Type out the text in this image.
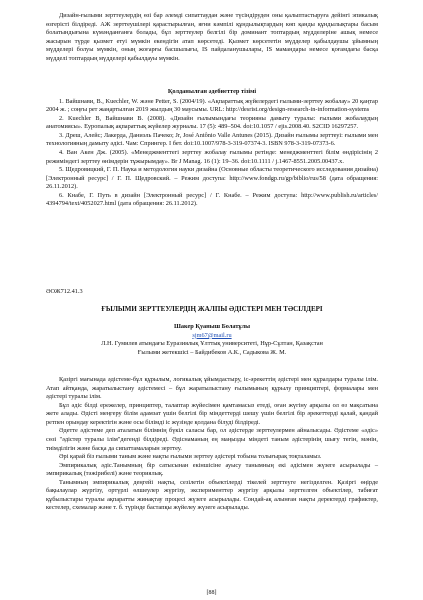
Дизайн-ғылыми зерттеулердің өзі бар әлемді сипаттаудан және түсіндіруден оны қалыптастыруға дейінгі эпикалық өзгерісті білдіреді. АЖ зерттеушілері қарастырылған, яғни кәмпілі құндылықтардың көп қанды құндылықтары басым болатындығына күмәнданғанға болады, бұл зерттеулер белгілі бір доминант топтардың мүдделеріне ашық немесе жасырын түрде қызмет етуі мүмкін екендігін атап көрсетеді. Қызмет көрсететін мүдделер қабылдаушы ұйымның мүдделері болуы мүмкін, оның жоғарғы басшылығы, IS пайдаланушылары, IS мамандары немесе қоғамдағы басқа мүдделі топтардың мүдделері қабылдауы мүмкін.

Қолданылған әдебиеттер тізімі

1. Вайшнави, В., Kuechler, W. және Petter, S. (2004/19). «Ақпараттық жүйелердегі ғылыми-зерттеу жобалау» 20 қаңтар 2004 ж. ; соңғы рет жаңартылған 2019 жылдың 30 маусымы. URL: http://desrist.org/design-research-in-information-systems

2. Kuechler B, Вайшнави В. (2008). «Дизайн ғылымындағы теорияны дамыту туралы: ғылыми жобалаудың анатомиясы». Еуропалық ақпараттық жүйелер журналы. 17 (5): 489–504. doi:10.1057 / ejis.2008.40. S2CID 16297257.

3. Дреш, Алейс; Лакерда, Даниэль Пачеко; Jr, José Antônio Valle Antunes (2015). Дизайн ғылымы зерттеуі: ғылыми мен технологияның дамыту әдісі. Чам: Спрингер. I бет. doi:10.1007/978-3-319-07374-3. ISBN 978-3-319-07373-6.

4. Ван Акен Дж. (2005). «Менеджменттегі зерттеу жобалау ғылымы ретінде: менеджменттегі білім өндірісінің 2 режиміндегі зерттеу өнімдерін тұжырымдау». Br J Manag. 16 (1): 19–36. doi:10.1111 / j.1467-8551.2005.00437.x.

5. Щедровицкий, Г. П. Наука и методология науки дизайна (Основные областы теоретического исследования дизайна) [Электронный ресурс] / Г. П. Щедровский. – Режим доступа: http://www.fondgp.ru/gp/biblio/rus/58 (дата обращения: 26.11.2012).

6. Кнабе, Г. Путь в дизайн [Электронный ресурс] / Г. Кнабе. – Режим доступа: http://www.publish.ru/articles/ 4394794/text/4052027.html (дата обращения: 26.11.2012).

ӘОЖ712.41.3

ҒЫЛЫМИ ЗЕРТТЕУЛЕРДІҢ ЖАЛПЫ ӘДІСТЕРІ МЕН ТӘСІЛДЕРІ

Шакер Қуаныш Болатұлы

sjm67@mail.ru

Л.Н. Гумилев атындағы Еуразиялық Ұлттық университеті, Нұр-Сұлтан, Қазақстан

Ғылыми жетекшісі – Байдибеков А.К., Садыкова Ж. М.

Қазіргі мағынада әдістеме-бұл құрылым, логикалық ұйымдастыру, іс-әрекеттің әдістері мен құралдары туралы ілім. Атап айтқанда, жаратылыстану әдістемесі – бұл жаратылыстану ғылымының құрылу принциптері, формалары мен әдістері туралы ілім.

Бұл әдіс білді ережелер, принциптер, талаптар жүйесімен қамтамасыз етеді, оған жүгіну арқылы ол өз мақсатына жете алады. Әдісті меңгеру білім адамзат үшін белгілі бір міндеттерді шешу үшін белгілі бір әрекеттерді қалай, қандай ретпен орындау керектігін және осы білімді іс жүзінде қолдана білуді білдіреді.

Әдетте әдістеме деп аталатын білімнің бүкіл саласы бар, ол әдістерде зерттеулермен айналысады. Әдістеме «әдіс» сөзі "әдістер туралы ілім"дегенді білдіреді. Әдіснаманың ең маңызды міндеті таным әдістерінің шығу тегін, мәнін, тиімділігін және басқа да сипаттамаларын зерттеу.

Әрі қарай біз ғылыми таным және нақты ғылыми зерттеу әдістері тобына толығырақ тоқталамыз.

Эмпирикалық әдіс.Танымның бір сатысынан екіншісіне ауысу танымның екі әдісімен жүзеге асырылады – эмпирикалық (тәжірибелі) және теориялық.

Танымның эмпирикалық деңгейі нақты, сезілетін объектілерді тікелей зерттеуге негізделген. Қазіргі өңірде бақылаулар жүргізу, ортүрлі өлшеулер жүргізу, эксперименттер жүргізу арқылы зерттелген объектілер, табиғат құбылыстары туралы ақпаратты жинақтау процесі жүзеге асырылады. Сондай-ақ алынған нақты деректерді графиктер, кестелер, схемалар және т. б. түрінде бастапқы жүйелеу жүзеге асырылады.

[88]
